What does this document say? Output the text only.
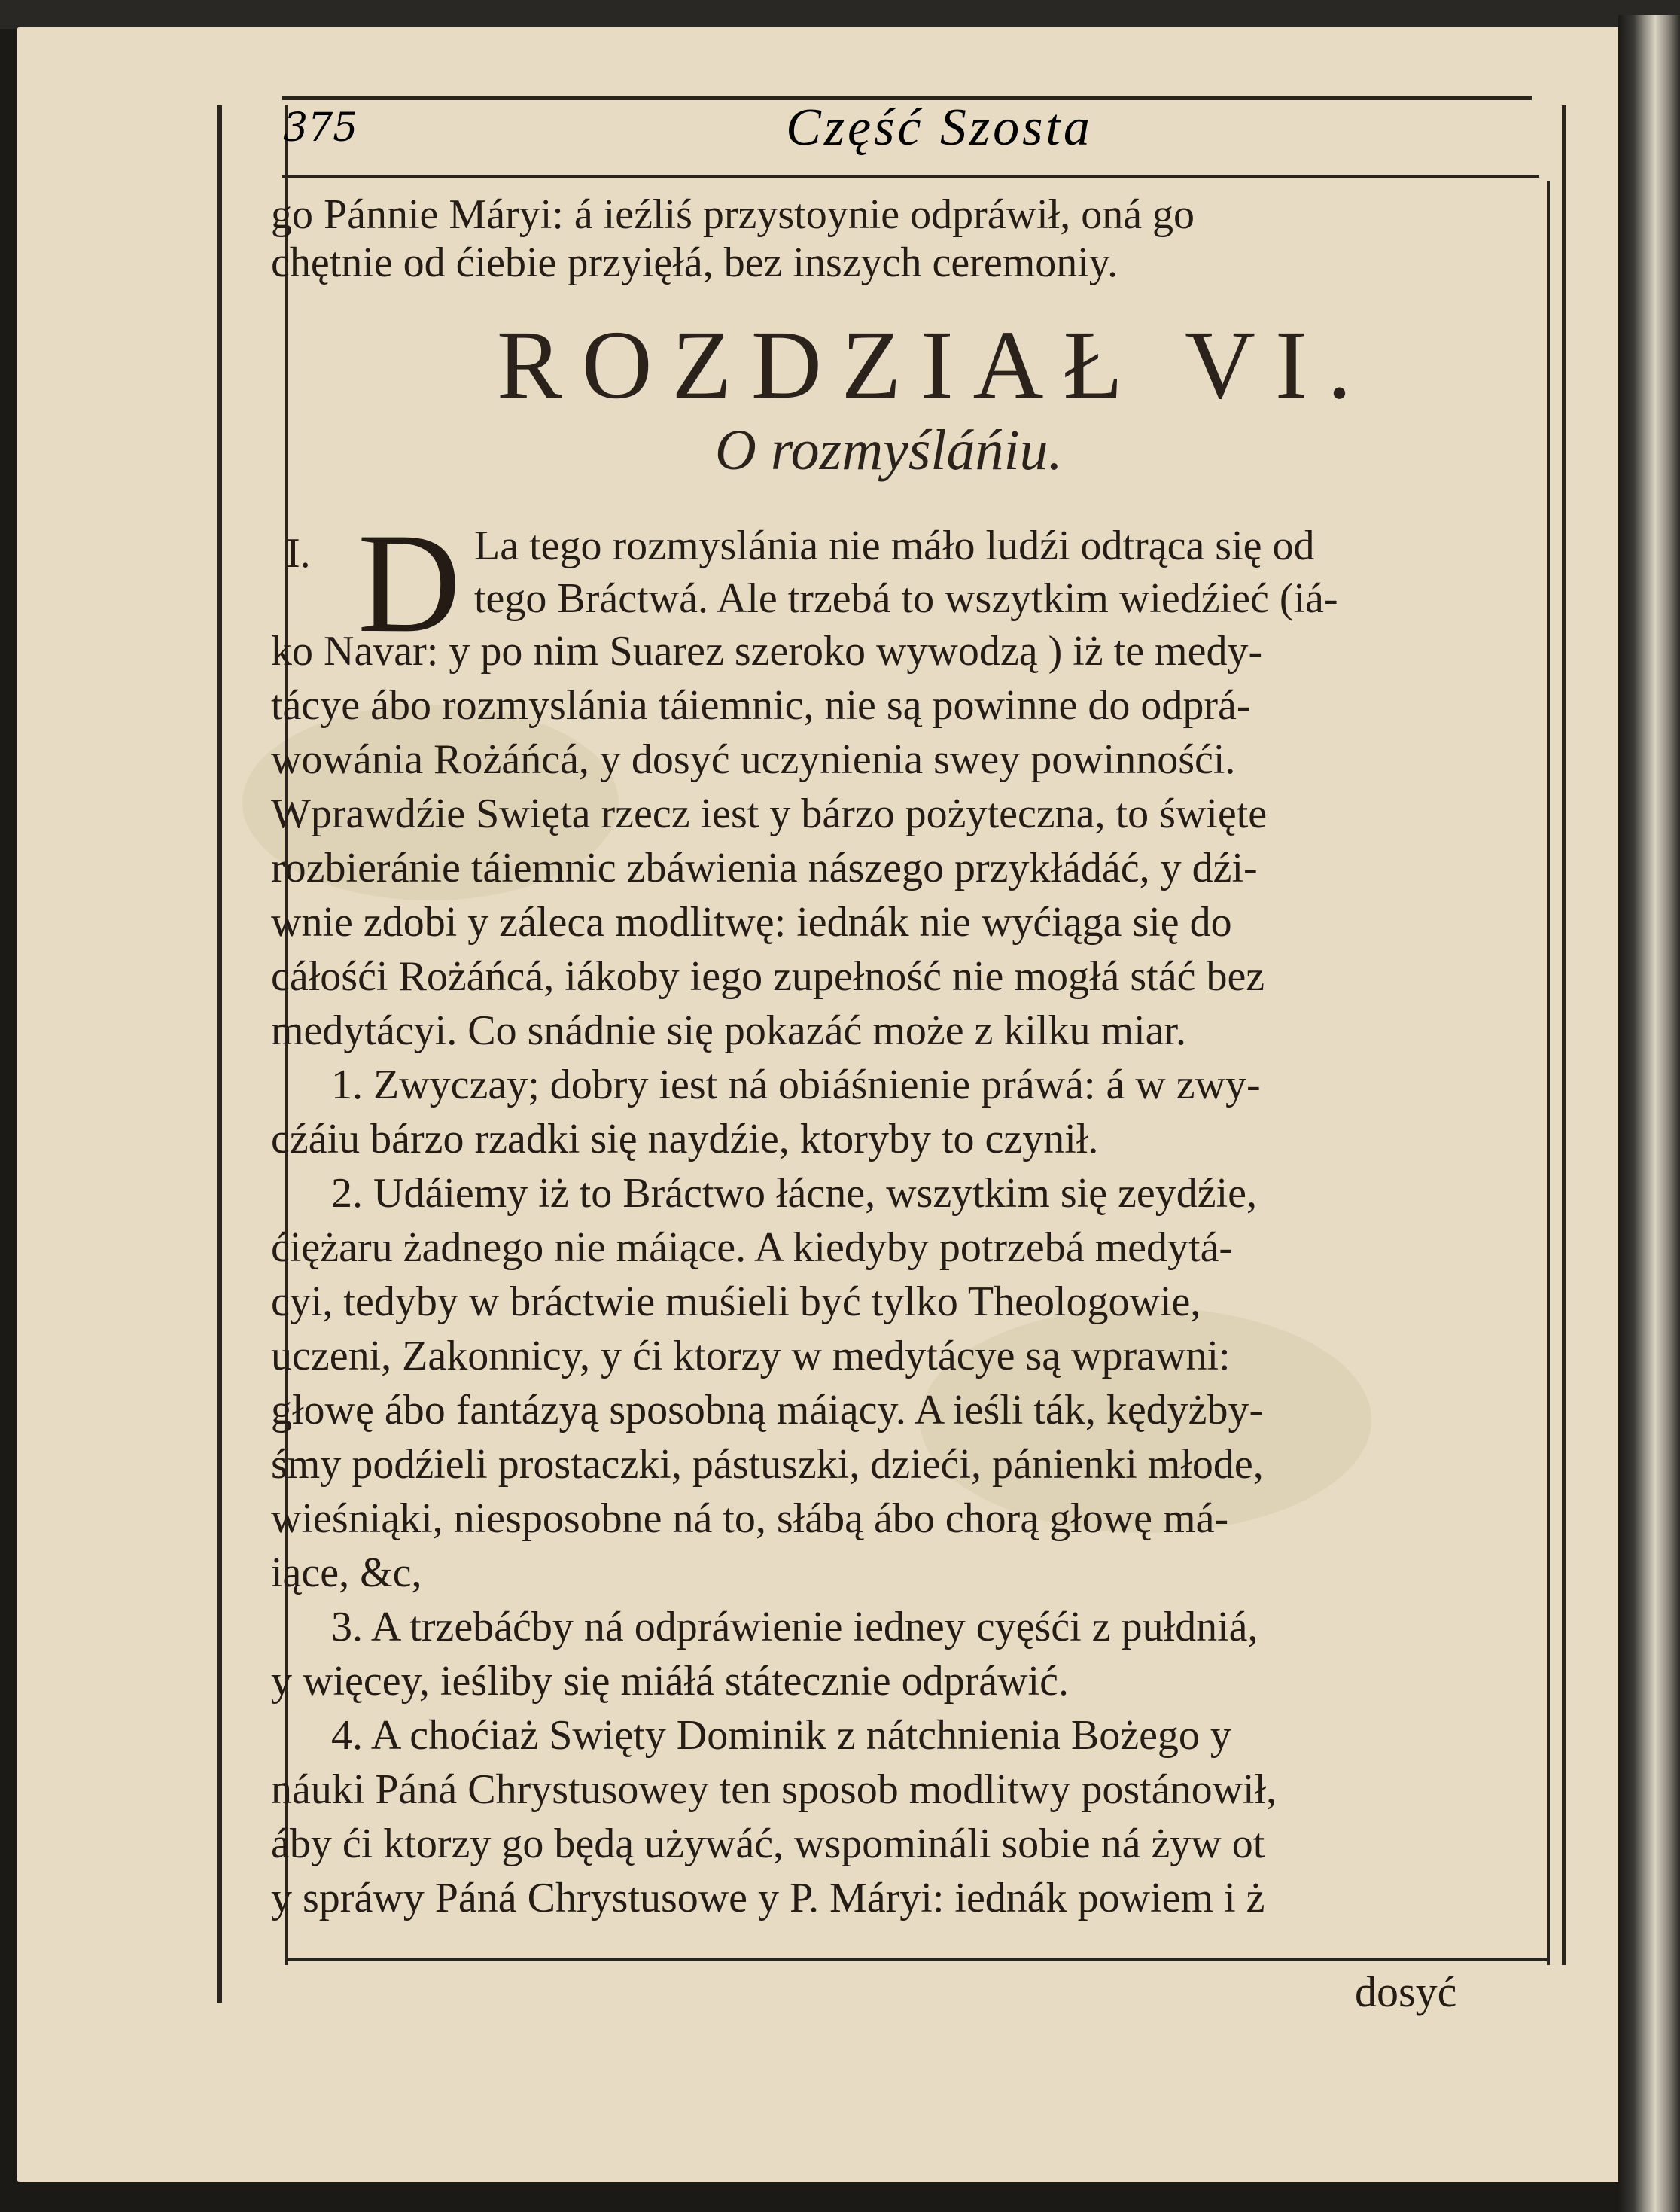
375	Część Szosta
go Pánnie Máryi: á ieźliś przystoynie odpráwił, oná go
chętnie od ćiebie przyięłá, bez inszych ceremoniy.
ROZDZIAŁ VI.
O rozmyśláńiu.
I. D La tego rozmyslánia nie máło ludźi odtrąca się od
tego Bráctwá. Ale trzebá to wszytkim wiedźieć (iá-
ko Navar: y po nim Suarez szeroko wywodzą ) iż te medy-
tácye ábo rozmyslánia táiemnic, nie są powinne do odprá-
wowánia Rożáńcá, y dosyć uczynienia swey powinnośći.
Wprawdźie Swięta rzecz iest y bárzo pożyteczna, to święte
rozbieránie táiemnic zbáwienia nászego przykłádáć, y dźi-
wnie zdobi y záleca modlitwę: iednák nie wyćiąga się do
cáłośći Rożáńcá, iákoby iego zupełność nie mogłá stáć bez
medytácyi. Co snádnie się pokazáć może z kilku miar.
1. Zwyczay; dobry iest ná obiáśnienie práwá: á w zwy-
cźáiu bárzo rzadki się naydźie, ktoryby to czynił.
2. Udáiemy iż to Bráctwo łácne, wszytkim się zeydźie,
ćiężaru żadnego nie máiące. A kiedyby potrzebá medytá-
cyi, tedyby w bráctwie muśieli być tylko Theologowie,
uczeni, Zakonnicy, y ći ktorzy w medytácye są wprawni:
głowę ábo fantázyą sposobną máiący. A ieśli ták, kędyżby-
śmy podźieli prostaczki, pástuszki, dzieći, pánienki młode,
wieśniąki, niesposobne ná to, słábą ábo chorą głowę má-
iące, &c,
3. A trzebáćby ná odpráwienie iedney cyęśći z pułdniá,
y więcey, ieśliby się miáłá státecznie odpráwić.
4. A choćiaż Swięty Dominik z nátchnienia Bożego y
náuki Páná Chrystusowey ten sposob modlitwy postánowił,
áby ći ktorzy go będą używáć, wspomináli sobie ná żyw ot
y spráwy Páná Chrystusowe y P. Máryi: iednák powiem i ż
dosyć
